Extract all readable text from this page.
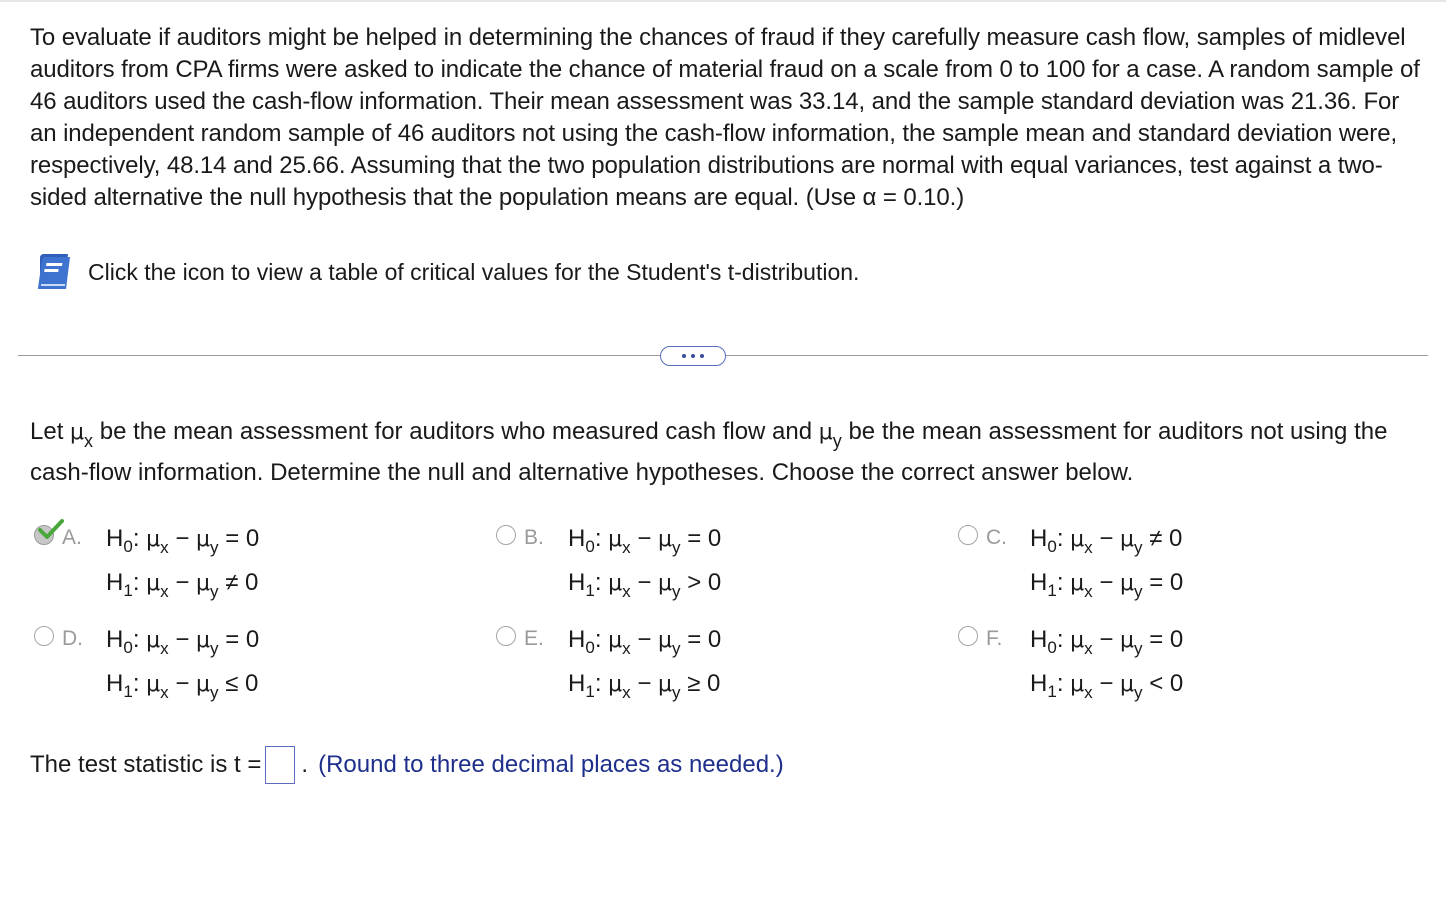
To evaluate if auditors might be helped in determining the chances of fraud if they carefully measure cash flow, samples of midlevel auditors from CPA firms were asked to indicate the chance of material fraud on a scale from 0 to 100 for a case. A random sample of 46 auditors used the cash-flow information. Their mean assessment was 33.14, and the sample standard deviation was 21.36. For an independent random sample of 46 auditors not using the cash-flow information, the sample mean and standard deviation were, respectively, 48.14 and 25.66. Assuming that the two population distributions are normal with equal variances, test against a two-sided alternative the null hypothesis that the population means are equal. (Use α = 0.10.)
Click the icon to view a table of critical values for the Student's t-distribution.
Let $\mu_x$ be the mean assessment for auditors who measured cash flow and $\mu_y$ be the mean assessment for auditors not using the cash-flow information. Determine the null and alternative hypotheses. Choose the correct answer below.
A.	$H_0$: $\mu_x - \mu_y = 0$
$H_1$: $\mu_x - \mu_y \ne 0$
B.	$H_0$: $\mu_x - \mu_y = 0$
$H_1$: $\mu_x - \mu_y > 0$
C. $H_0$: $\mu_x - \mu_y \ne 0$
$H_1$: $\mu_x - \mu_y = 0$
D. $H_0$: $\mu_x - \mu_y = 0$
$H_1$: $\mu_x - \mu_y \le 0$
E.	$H_0$: $\mu_x - \mu_y = 0$
$H_1$: $\mu_x - \mu_y \ge 0$
F.	$H_0$: $\mu_x - \mu_y = 0$
$H_1$: $\mu_x - \mu_y < 0$
The test statistic is t = . (Round to three decimal places as needed.)
